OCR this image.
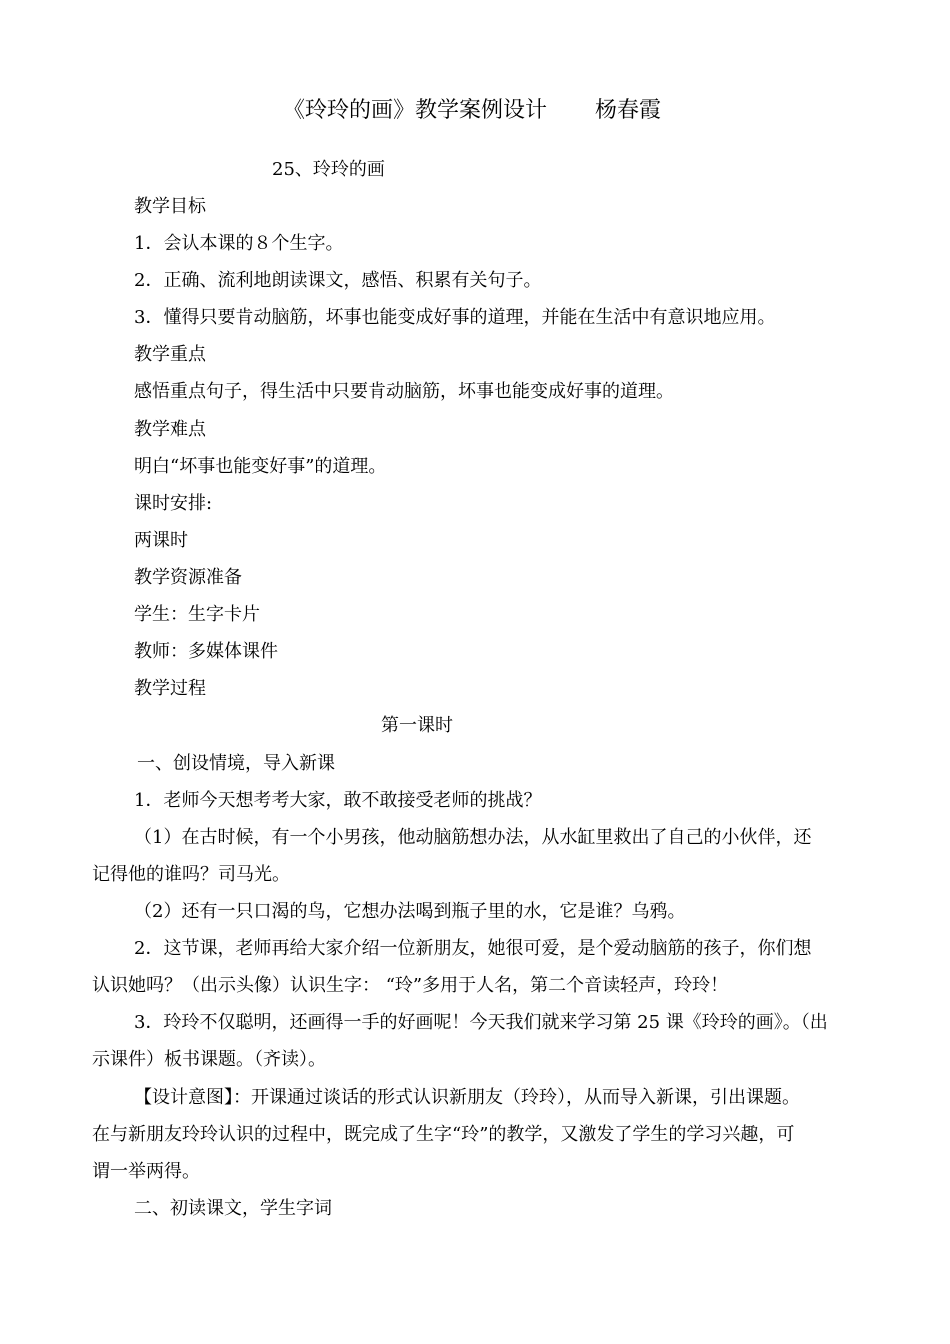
《玲玲的画》教学案例设计 杨春霞
25、玲玲的画
教学目标
1．会认本课的８个生字。
2．正确、流利地朗读课文，感悟、积累有关句子。
3．懂得只要肯动脑筋，坏事也能变成好事的道理，并能在生活中有意识地应用。
教学重点
感悟重点句子，得生活中只要肯动脑筋，坏事也能变成好事的道理。
教学难点
明白“坏事也能变好事”的道理。
课时安排:
两课时
教学资源准备
学生：生字卡片
教师：多媒体课件
教学过程
第一课时
一、创设情境，导入新课
1．老师今天想考考大家，敢不敢接受老师的挑战？
（1）在古时候，有一个小男孩，他动脑筋想办法，从水缸里救出了自己的小伙伴，还
记得他的谁吗？司马光。
（2）还有一只口渴的鸟，它想办法喝到瓶子里的水，它是谁？乌鸦。
2．这节课，老师再给大家介绍一位新朋友，她很可爱，是个爱动脑筋的孩子，你们想
认识她吗？（出示头像）认识生字： “玲”多用于人名，第二个音读轻声，玲玲！
3．玲玲不仅聪明，还画得一手的好画呢！今天我们就来学习第 25 课《玲玲的画》。（出
示课件）板书课题。（齐读）。
【设计意图】：开课通过谈话的形式认识新朋友（玲玲），从而导入新课，引出课题。
在与新朋友玲玲认识的过程中，既完成了生字“玲”的教学，又激发了学生的学习兴趣，可
谓一举两得。
二、初读课文，学生字词
